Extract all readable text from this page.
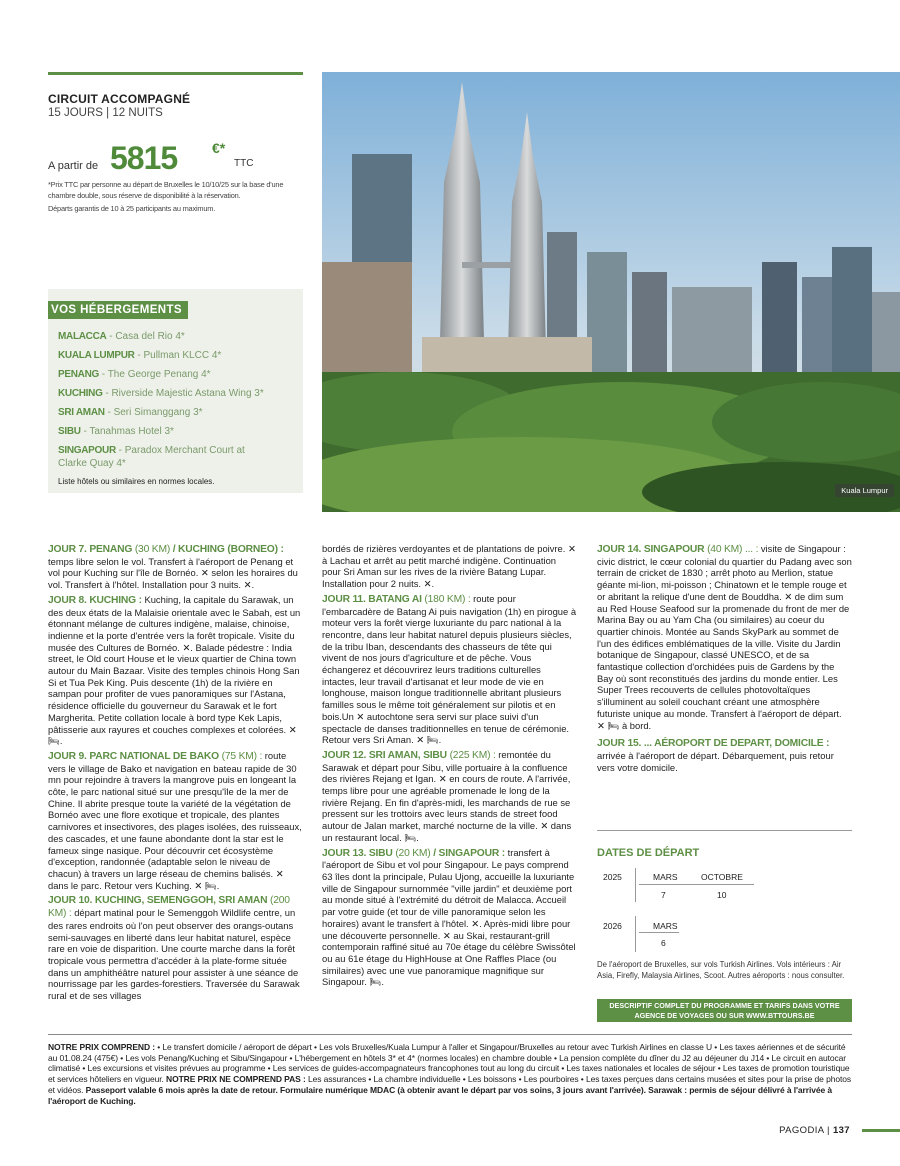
CIRCUIT ACCOMPAGNÉ
15 JOURS | 12 NUITS
A partir de 5815 €*
TTC

*Prix TTC par personne au départ de Bruxelles le 10/10/25 sur la base d'une chambre double, sous réserve de disponibilité à la réservation.

Départs garantis de 10 à 25 participants au maximum.

VOS HÉBERGEMENTS
MALACCA - Casa del Rio 4*
KUALA LUMPUR - Pullman KLCC 4*
PENANG - The George Penang 4*
KUCHING - Riverside Majestic Astana Wing 3*
SRI AMAN - Seri Simanggang 3*
SIBU - Tanahmas Hotel 3*
SINGAPOUR - Paradox Merchant Court at Clarke Quay 4*
Liste hôtels ou similaires en normes locales.
Kuala Lumpur

JOUR 7. PENANG (30 KM) / KUCHING (BORNEO) : temps libre selon le vol. Transfert à l'aéroport de Penang et vol pour Kuching sur l'île de Bornéo. ✕ selon les horaires du vol. Transfert à l'hôtel. Installation pour 3 nuits. ✕.

JOUR 8. KUCHING : Kuching, la capitale du Sarawak, un des deux états de la Malaisie orientale avec le Sabah, est un étonnant mélange de cultures indigène, malaise, chinoise, indienne et la porte d'entrée vers la forêt tropicale. Visite du musée des Cultures de Bornéo. ✕. Balade pédestre : India street, le Old court House et le vieux quartier de China town autour du Main Bazaar. Visite des temples chinois Hong San Si et Tua Pek King. Puis descente (1h) de la rivière en sampan pour profiter de vues panoramiques sur l'Astana, résidence officielle du gouverneur du Sarawak et le fort Margherita. Petite collation locale à bord type Kek Lapis, pâtisserie aux rayures et couches complexes et colorées. ✕ 🛏.

JOUR 9. PARC NATIONAL DE BAKO (75 KM) : route vers le village de Bako et navigation en bateau rapide de 30 mn pour rejoindre à travers la mangrove puis en longeant la côte, le parc national situé sur une presqu'île de la mer de Chine. Il abrite presque toute la variété de la végétation de Bornéo avec une flore exotique et tropicale, des plantes carnivores et insectivores, des plages isolées, des ruisseaux, des cascades, et une faune abondante dont la star est le fameux singe nasique. Pour découvrir cet écosystème d'exception, randonnée (adaptable selon le niveau de chacun) à travers un large réseau de chemins balisés. ✕ dans le parc. Retour vers Kuching. ✕ 🛏.

JOUR 10. KUCHING, SEMENGGOH, SRI AMAN (200 KM) : départ matinal pour le Semenggoh Wildlife centre, un des rares endroits où l'on peut observer des orangs-outans semi-sauvages en liberté dans leur habitat naturel, espèce rare en voie de disparition. Une courte marche dans la forêt tropicale vous permettra d'accéder à la plate-forme située dans un amphithéâtre naturel pour assister à une séance de nourrissage par les gardes-forestiers. Traversée du Sarawak rural et de ses villages

bordés de rizières verdoyantes et de plantations de poivre. ✕ à Lachau et arrêt au petit marché indigène. Continuation pour Sri Aman sur les rives de la rivière Batang Lupar. Installation pour 2 nuits. ✕.

JOUR 11. BATANG AI (180 KM) : route pour l'embarcadère de Batang Ai puis navigation (1h) en pirogue à moteur vers la forêt vierge luxuriante du parc national à la rencontre, dans leur habitat naturel depuis plusieurs siècles, de la tribu Iban, descendants des chasseurs de tête qui vivent de nos jours d'agriculture et de pêche. Vous échangerez et découvrirez leurs traditions culturelles intactes, leur travail d'artisanat et leur mode de vie en longhouse, maison longue traditionnelle abritant plusieurs familles sous le même toit généralement sur pilotis et en bois.Un ✕ autochtone sera servi sur place suivi d'un spectacle de danses traditionnelles en tenue de cérémonie. Retour vers Sri Aman. ✕ 🛏.

JOUR 12. SRI AMAN, SIBU (225 KM) : remontée du Sarawak et départ pour Sibu, ville portuaire à la confluence des rivières Rejang et Igan. ✕ en cours de route. A l'arrivée, temps libre pour une agréable promenade le long de la rivière Rejang. En fin d'après-midi, les marchands de rue se pressent sur les trottoirs avec leurs stands de street food autour de Jalan market, marché nocturne de la ville. ✕ dans un restaurant local. 🛏.

JOUR 13. SIBU (20 KM) / SINGAPOUR : transfert à l'aéroport de Sibu et vol pour Singapour. Le pays comprend 63 îles dont la principale, Pulau Ujong, accueille la luxuriante ville de Singapour surnommée "ville jardin" et deuxième port au monde situé à l'extrémité du détroit de Malacca. Accueil par votre guide (et tour de ville panoramique selon les horaires) avant le transfert à l'hôtel. ✕. Après-midi libre pour une découverte personnelle. ✕ au Skai, restaurant-grill contemporain raffiné situé au 70e étage du célèbre Swissôtel ou au 61e étage du HighHouse at One Raffles Place (ou similaires) avec une vue panoramique magnifique sur Singapour. 🛏.

JOUR 14. SINGAPOUR (40 KM) ... : visite de Singapour : civic district, le cœur colonial du quartier du Padang avec son terrain de cricket de 1830 ; arrêt photo au Merlion, statue géante mi-lion, mi-poisson ; Chinatown et le temple rouge et or abritant la relique d'une dent de Bouddha. ✕ de dim sum au Red House Seafood sur la promenade du front de mer de Marina Bay ou au Yam Cha (ou similaires) au coeur du quartier chinois. Montée au Sands SkyPark au sommet de l'un des édifices emblématiques de la ville. Visite du Jardin botanique de Singapour, classé UNESCO, et de sa fantastique collection d'orchidées puis de Gardens by the Bay où sont reconstitués des jardins du monde entier. Les Super Trees recouverts de cellules photovoltaïques s'illuminent au soleil couchant créant une atmosphère futuriste unique au monde. Transfert à l'aéroport de départ. ✕ 🛏 à bord.

JOUR 15. ... AÉROPORT DE DEPART, DOMICILE : arrivée à l'aéroport de départ. Débarquement, puis retour vers votre domicile.

DATES DE DÉPART
2025	MARS	OCTOBRE
7	10
2026	MARS
6
De l'aéroport de Bruxelles, sur vols Turkish Airlines. Vols intérieurs : Air Asia, Firefly, Malaysia Airlines, Scoot. Autres aéroports : nous consulter.
DESCRIPTIF COMPLET DU PROGRAMME ET TARIFS DANS VOTRE AGENCE DE VOYAGES OU SUR WWW.BTTOURS.BE
NOTRE PRIX COMPREND : • Le transfert domicile / aéroport de départ • Les vols Bruxelles/Kuala Lumpur à l'aller et Singapour/Bruxelles au retour avec Turkish Airlines en classe U • Les taxes aériennes et de sécurité au 01.08.24 (475€) • Les vols Penang/Kuching et Sibu/Singapour • L'hébergement en hôtels 3* et 4* (normes locales) en chambre double • La pension complète du dîner du J2 au déjeuner du J14 • Le circuit en autocar climatisé • Les excursions et visites prévues au programme • Les services de guides-accompagnateurs francophones tout au long du circuit • Les taxes nationales et locales de séjour • Les taxes de promotion touristique et services hôteliers en vigueur. NOTRE PRIX NE COMPREND PAS : Les assurances • La chambre individuelle • Les boissons • Les pourboires • Les taxes perçues dans certains musées et sites pour la prise de photos et vidéos. Passeport valable 6 mois après la date de retour. Formulaire numérique MDAC (à obtenir avant le départ par vos soins, 3 jours avant l'arrivée). Sarawak : permis de séjour délivré à l'arrivée à l'aéroport de Kuching.
PAGODIA | 137
